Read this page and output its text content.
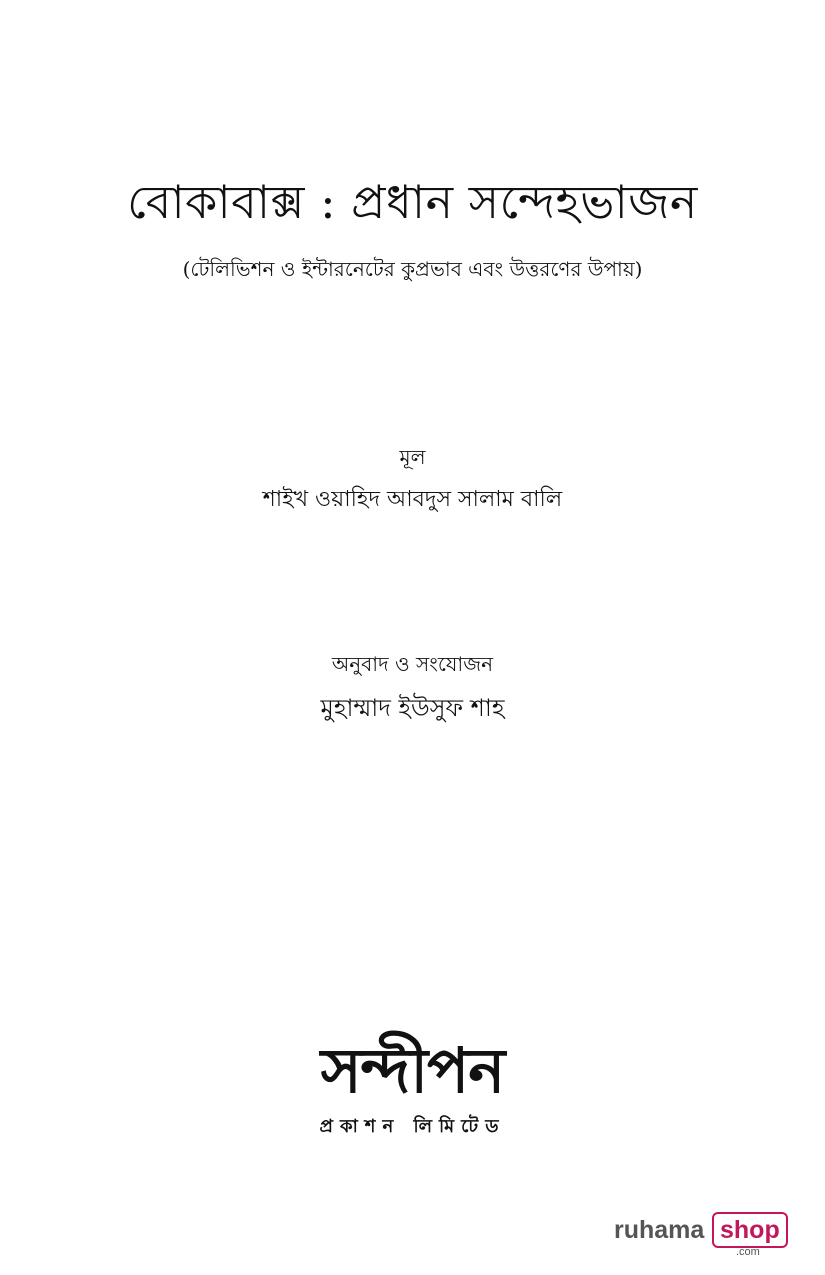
বোকাবাক্স : প্রধান সন্দেহভাজন
(টেলিভিশন ও ইন্টারনেটের কুপ্রভাব এবং উত্তরণের উপায়)
মূল
শাইখ ওয়াহিদ আবদুস সালাম বালি
অনুবাদ ও সংযোজন
মুহাম্মাদ ইউসুফ শাহ
সন্দীপন
প্রকাশন লিমিটেড
ruhama shop
.com
